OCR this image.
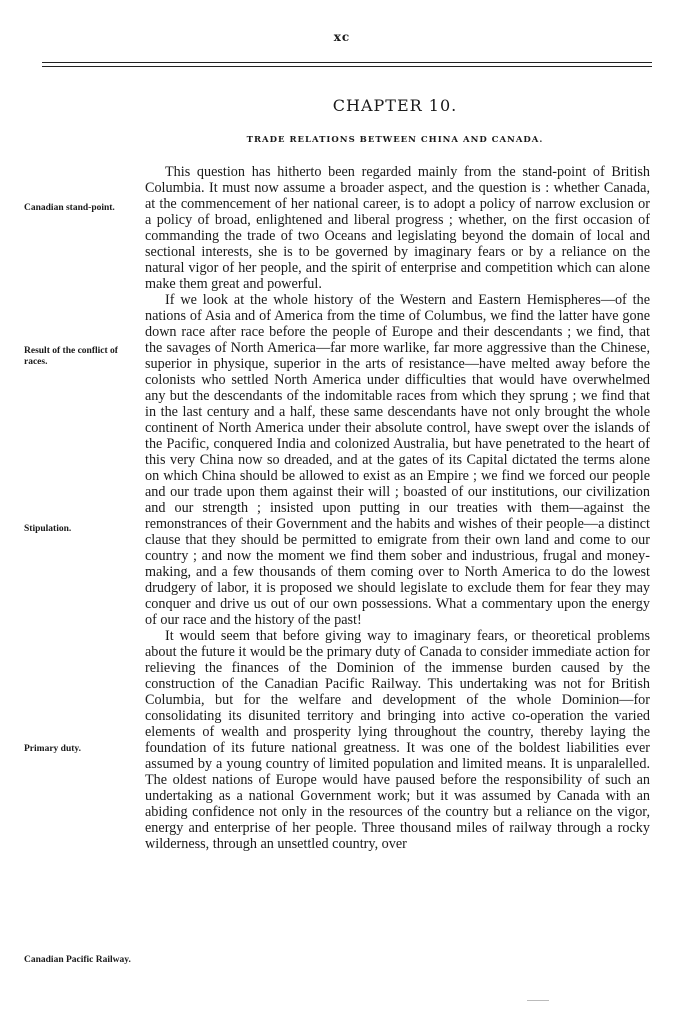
xc
CHAPTER 10.
TRADE RELATIONS BETWEEN CHINA AND CANADA.
Canadian stand-point.
Result of the conflict of races.
Stipulation.
Primary duty.
Canadian Pacific Railway.

This question has hitherto been regarded mainly from the stand-point of British Columbia. It must now assume a broader aspect, and the question is : whether Canada, at the commencement of her national career, is to adopt a policy of narrow exclusion or a policy of broad, enlightened and liberal progress ; whether, on the first occasion of commanding the trade of two Oceans and legislating beyond the domain of local and sectional interests, she is to be governed by imaginary fears or by a reliance on the natural vigor of her people, and the spirit of enterprise and competition which can alone make them great and powerful.

If we look at the whole history of the Western and Eastern Hemispheres—of the nations of Asia and of America from the time of Columbus, we find the latter have gone down race after race before the people of Europe and their descendants ; we find, that the savages of North America—far more warlike, far more aggressive than the Chinese, superior in physique, superior in the arts of resistance—have melted away before the colonists who settled North America under difficulties that would have overwhelmed any but the descendants of the indomitable races from which they sprung ; we find that in the last century and a half, these same descendants have not only brought the whole continent of North America under their absolute control, have swept over the islands of the Pacific, conquered India and colonized Australia, but have penetrated to the heart of this very China now so dreaded, and at the gates of its Capital dictated the terms alone on which China should be allowed to exist as an Empire ; we find we forced our people and our trade upon them against their will ; boasted of our institutions, our civilization and our strength ; insisted upon putting in our treaties with them—against the remonstrances of their Government and the habits and wishes of their people—a distinct clause that they should be permitted to emigrate from their own land and come to our country ; and now the moment we find them sober and industrious, frugal and money-making, and a few thousands of them coming over to North America to do the lowest drudgery of labor, it is proposed we should legislate to exclude them for fear they may conquer and drive us out of our own possessions. What a commentary upon the energy of our race and the history of the past!

It would seem that before giving way to imaginary fears, or theoretical problems about the future it would be the primary duty of Canada to consider immediate action for relieving the finances of the Dominion of the immense burden caused by the construction of the Canadian Pacific Railway. This undertaking was not for British Columbia, but for the welfare and development of the whole Dominion—for consolidating its disunited territory and bringing into active co-operation the varied elements of wealth and prosperity lying throughout the country, thereby laying the foundation of its future national greatness. It was one of the boldest liabilities ever assumed by a young country of limited population and limited means. It is unparalelled. The oldest nations of Europe would have paused before the responsibility of such an undertaking as a national Government work; but it was assumed by Canada with an abiding confidence not only in the resources of the country but a reliance on the vigor, energy and enterprise of her people. Three thousand miles of railway through a rocky wilderness, through an unsettled country, over
